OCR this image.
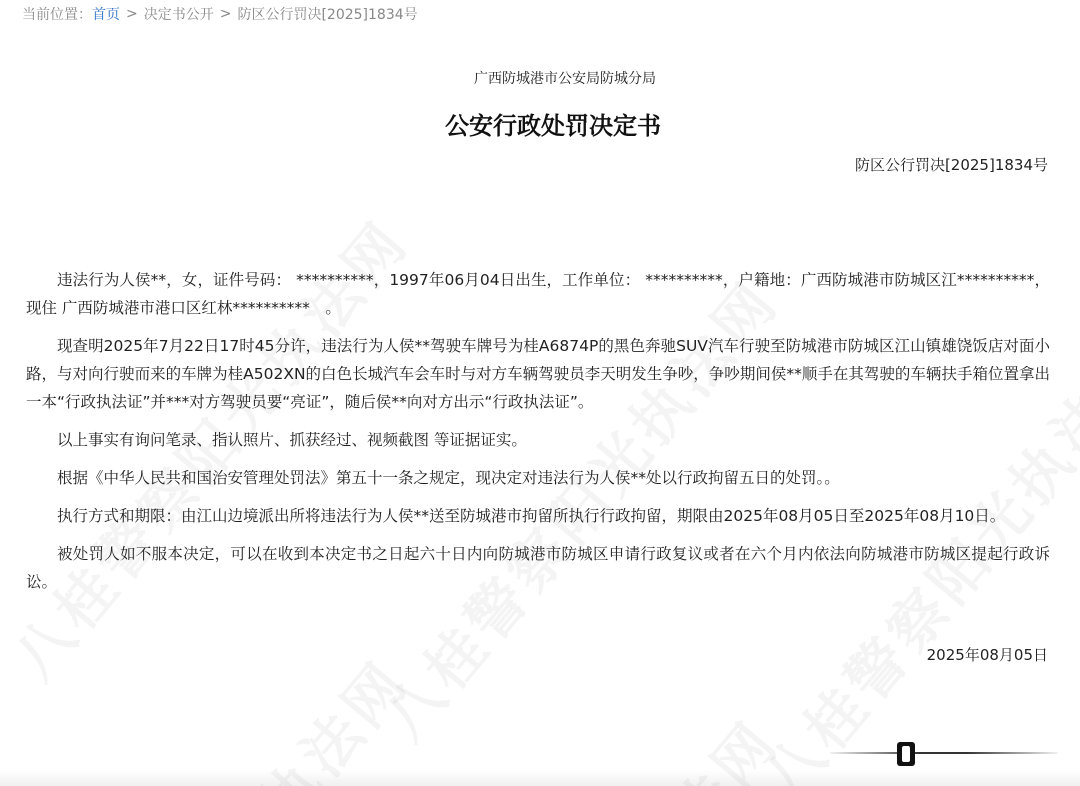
当前位置： 首页 > 决定书公开 > 防区公行罚决[2025]1834号
广西防城港市公安局防城分局
公安行政处罚决定书
防区公行罚决[2025]1834号

违法行为人侯**，女，证件号码： **********，1997年06月04日出生，工作单位： **********，户籍地：广西防城港市防城区江**********，现住 广西防城港市港口区红林**********　。

现查明2025年7月22日17时45分许，违法行为人侯**驾驶车牌号为桂A6874P的黑色奔驰SUV汽车行驶至防城港市防城区江山镇雄饶饭店对面小路，与对向行驶而来的车牌为桂A502XN的白色长城汽车会车时与对方车辆驾驶员李天明发生争吵，争吵期间侯**顺手在其驾驶的车辆扶手箱位置拿出一本“行政执法证”并***对方驾驶员要“亮证”，随后侯**向对方出示“行政执法证”。

以上事实有询问笔录、指认照片、抓获经过、视频截图 等证据证实。

根据《中华人民共和国治安管理处罚法》第五十一条之规定，现决定对违法行为人侯**处以行政拘留五日的处罚。。

执行方式和期限：由江山边境派出所将违法行为人侯**送至防城港市拘留所执行行政拘留，期限由2025年08月05日至2025年08月10日。

被处罚人如不服本决定，可以在收到本决定书之日起六十日内向防城港市防城区申请行政复议或者在六个月内依法向防城港市防城区提起行政诉讼。

2025年08月05日
